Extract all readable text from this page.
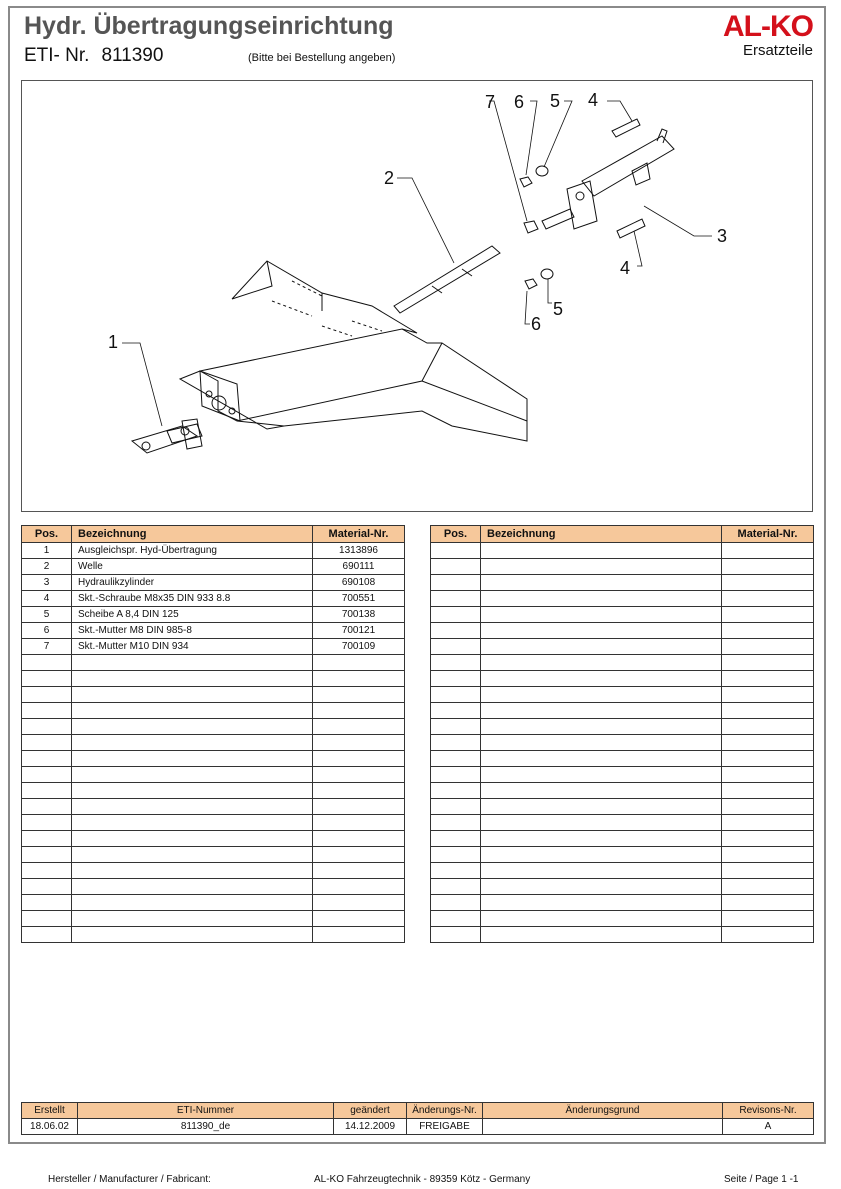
Hydr. Übertragungseinrichtung
ETI- Nr. 811390	(Bitte bei Bestellung angeben)
AL-KO
Ersatzteile
1
2
3
4
4
5
5
6
6
7
Pos.	Bezeichnung	Material-Nr.
1	Ausgleichspr. Hyd-Übertragung	1313896
2	Welle	690111
3	Hydraulikzylinder	690108
4	Skt.-Schraube M8x35 DIN 933 8.8	700551
5	Scheibe A 8,4 DIN 125	700138
6	Skt.-Mutter M8 DIN 985-8	700121
7	Skt.-Mutter M10 DIN 934	700109

Pos.	Bezeichnung	Material-Nr.

Erstellt	ETI-Nummer	geändert	Änderungs-Nr.	Änderungsgrund	Revisons-Nr.
18.06.02	811390_de	14.12.2009	FREIGABE		A
Hersteller / Manufacturer / Fabricant:	AL-KO Fahrzeugtechnik - 89359 Kötz - Germany	Seite / Page 1 -1
